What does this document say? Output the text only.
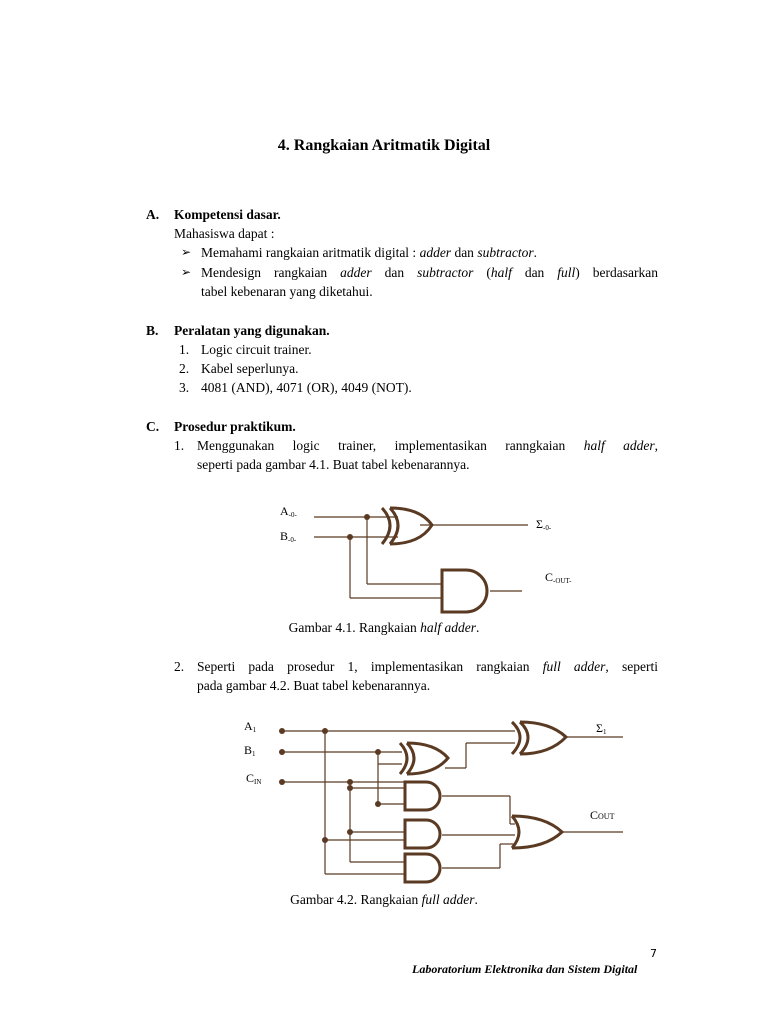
4. Rangkaian Aritmatik Digital
A. Kompetensi dasar.
Mahasiswa dapat :
➢ Memahami rangkaian aritmatik digital : adder dan subtractor.
➢ Mendesign rangkaian adder dan subtractor (half dan full) berdasarkan
tabel kebenaran yang diketahui.
B. Peralatan yang digunakan.
1. Logic circuit trainer.
2. Kabel seperlunya.
3. 4081 (AND), 4071 (OR), 4049 (NOT).
C. Prosedur praktikum.
1. Menggunakan logic trainer, implementasikan ranngkaian half adder,
seperti pada gambar 4.1. Buat tabel kebenarannya.
A-0-
B-0-
Σ-0-
C-OUT-
Gambar 4.1. Rangkaian half adder.
2. Seperti pada prosedur 1, implementasikan rangkaian full adder, seperti
pada gambar 4.2. Buat tabel kebenarannya.
A1
B1
CIN
Σ1
COUT
Gambar 4.2. Rangkaian full adder.
7
Laboratorium Elektronika dan Sistem Digital
